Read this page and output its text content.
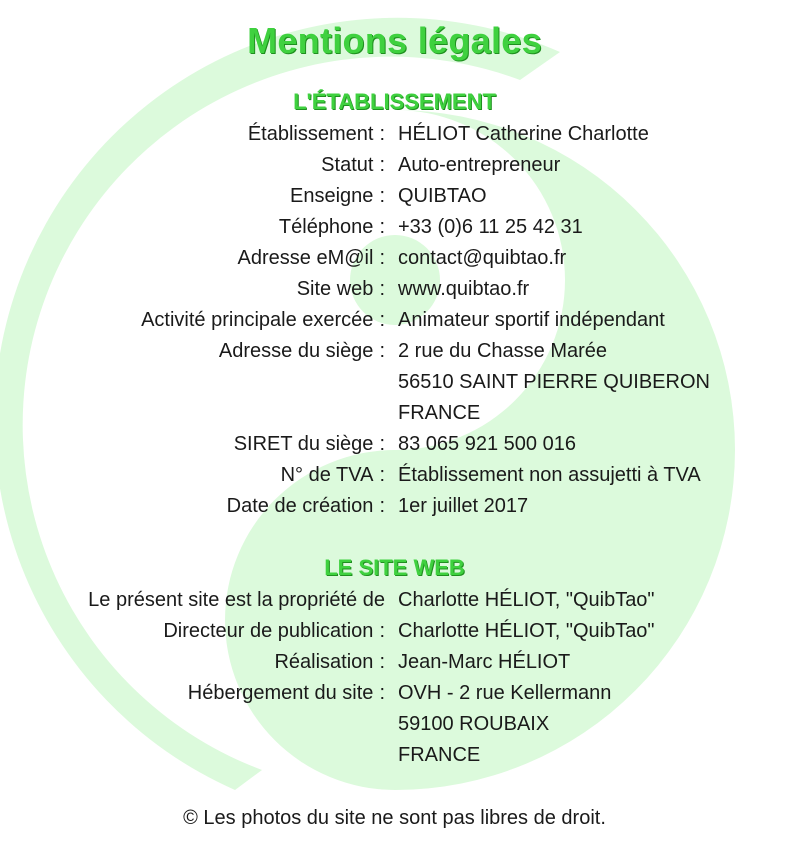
Mentions légales
L'ÉTABLISSEMENT
Établissement : HÉLIOT Catherine Charlotte
Statut : Auto-entrepreneur
Enseigne : QUIBTAO
Téléphone : +33 (0)6 11 25 42 31
Adresse eM@il : contact@quibtao.fr
Site web : www.quibtao.fr
Activité principale exercée : Animateur sportif indépendant
Adresse du siège : 2 rue du Chasse Marée
56510 SAINT PIERRE QUIBERON
FRANCE
SIRET du siège : 83 065 921 500 016
N° de TVA : Établissement non assujetti à TVA
Date de création : 1er juillet 2017
LE SITE WEB
Le présent site est la propriété de Charlotte HÉLIOT, "QuibTao"
Directeur de publication : Charlotte HÉLIOT, "QuibTao"
Réalisation : Jean-Marc HÉLIOT
Hébergement du site : OVH - 2 rue Kellermann
59100 ROUBAIX
FRANCE
© Les photos du site ne sont pas libres de droit.
